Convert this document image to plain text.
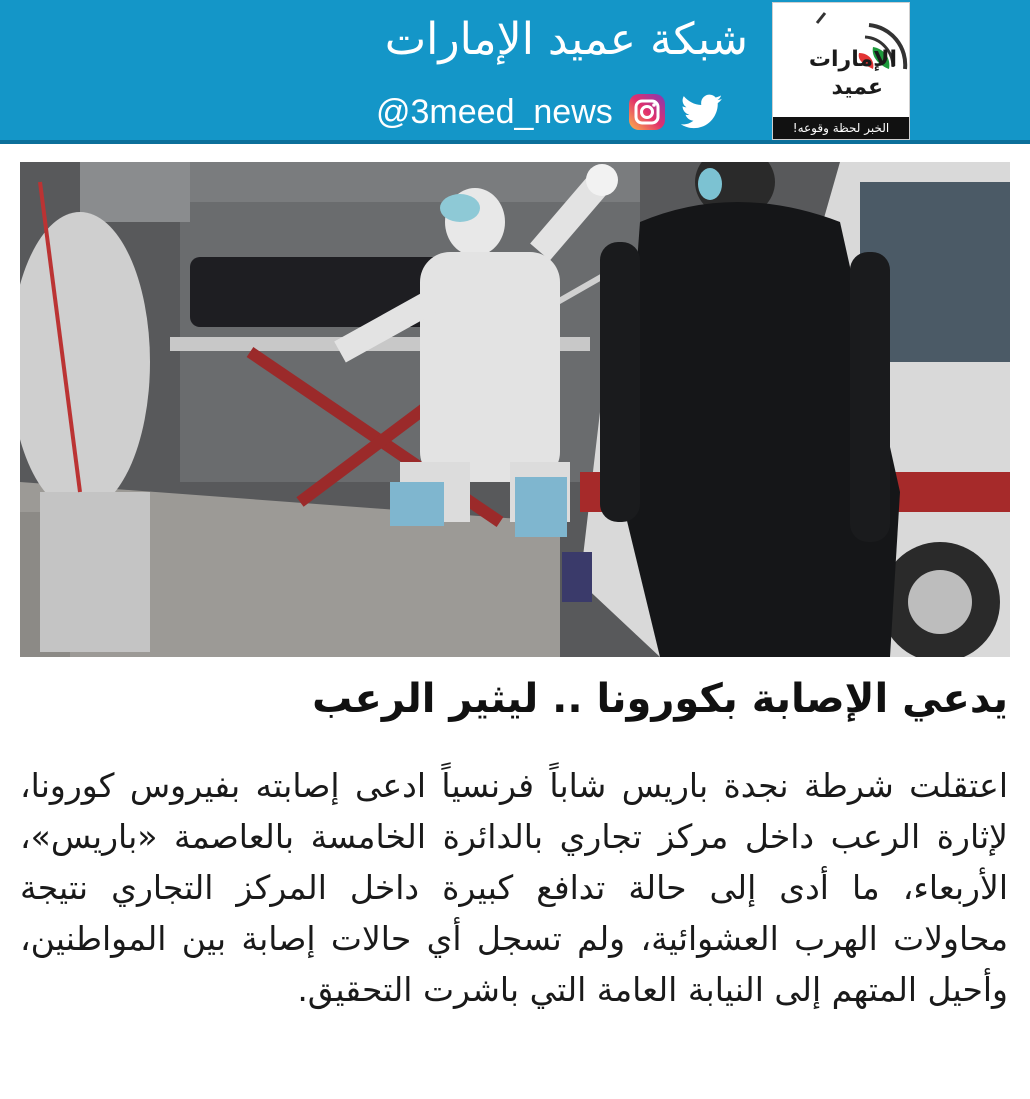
شبكة عميد الإمارات
@3meed_news
الإمارات
عميد
الخبر لحظة وقوعه!
يدعي الإصابة بكورونا .. ليثير الرعب
اعتقلت شرطة نجدة باريس شاباً فرنسياً ادعى إصابته بفيروس كورونا، لإثارة الرعب داخل مركز تجاري بالدائرة الخامسة بالعاصمة «باريس»، الأربعاء، ما أدى إلى حالة تدافع كبيرة داخل المركز التجاري نتيجة محاولات الهرب العشوائية، ولم تسجل أي حالات إصابة بين المواطنين، وأحيل المتهم إلى النيابة العامة التي باشرت التحقيق.
